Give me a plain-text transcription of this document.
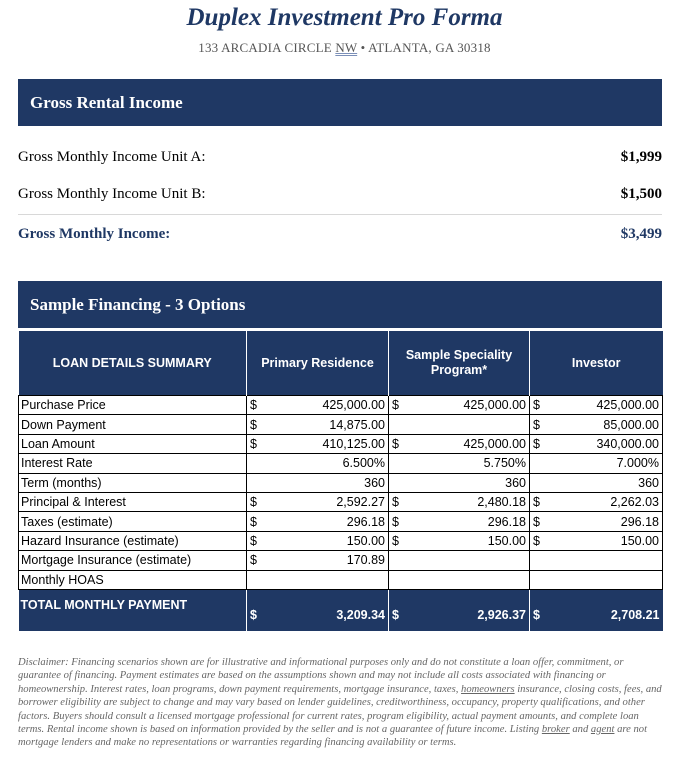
Duplex Investment Pro Forma
133 ARCADIA CIRCLE NW • ATLANTA, GA 30318
Gross Rental Income
Gross Monthly Income Unit A:	$1,999
Gross Monthly Income Unit B:	$1,500
Gross Monthly Income:	$3,499
Sample Financing - 3 Options
LOAN DETAILS SUMMARY	Primary Residence	Sample Speciality Program*	Investor
Purchase Price	$ 425,000.00	$ 425,000.00	$ 425,000.00

Down Payment	$ 14,875.00		$ 85,000.00

Loan Amount	$ 410,125.00	$ 425,000.00	$ 340,000.00

Interest Rate	6.500%	5.750%	7.000%

Term (months)	360	360	360

Principal & Interest	$ 2,592.27	$ 2,480.18	$ 2,262.03

Taxes (estimate)	$ 296.18	$ 296.18	$ 296.18

Hazard Insurance (estimate)	$ 150.00	$ 150.00	$ 150.00

Mortgage Insurance (estimate)	$ 170.89		

Monthly HOAS	

TOTAL MONTHLY PAYMENT	$ 3,209.34	$ 2,926.37	$ 2,708.21
Disclaimer: Financing scenarios shown are for illustrative and informational purposes only and do not constitute a loan offer, commitment, or guarantee of financing. Payment estimates are based on the assumptions shown and may not include all costs associated with financing or homeownership. Interest rates, loan programs, down payment requirements, mortgage insurance, taxes, homeowners insurance, closing costs, fees, and borrower eligibility are subject to change and may vary based on lender guidelines, creditworthiness, occupancy, property qualifications, and other factors. Buyers should consult a licensed mortgage professional for current rates, program eligibility, actual payment amounts, and complete loan terms. Rental income shown is based on information provided by the seller and is not a guarantee of future income. Listing broker and agent are not mortgage lenders and make no representations or warranties regarding financing availability or terms.
